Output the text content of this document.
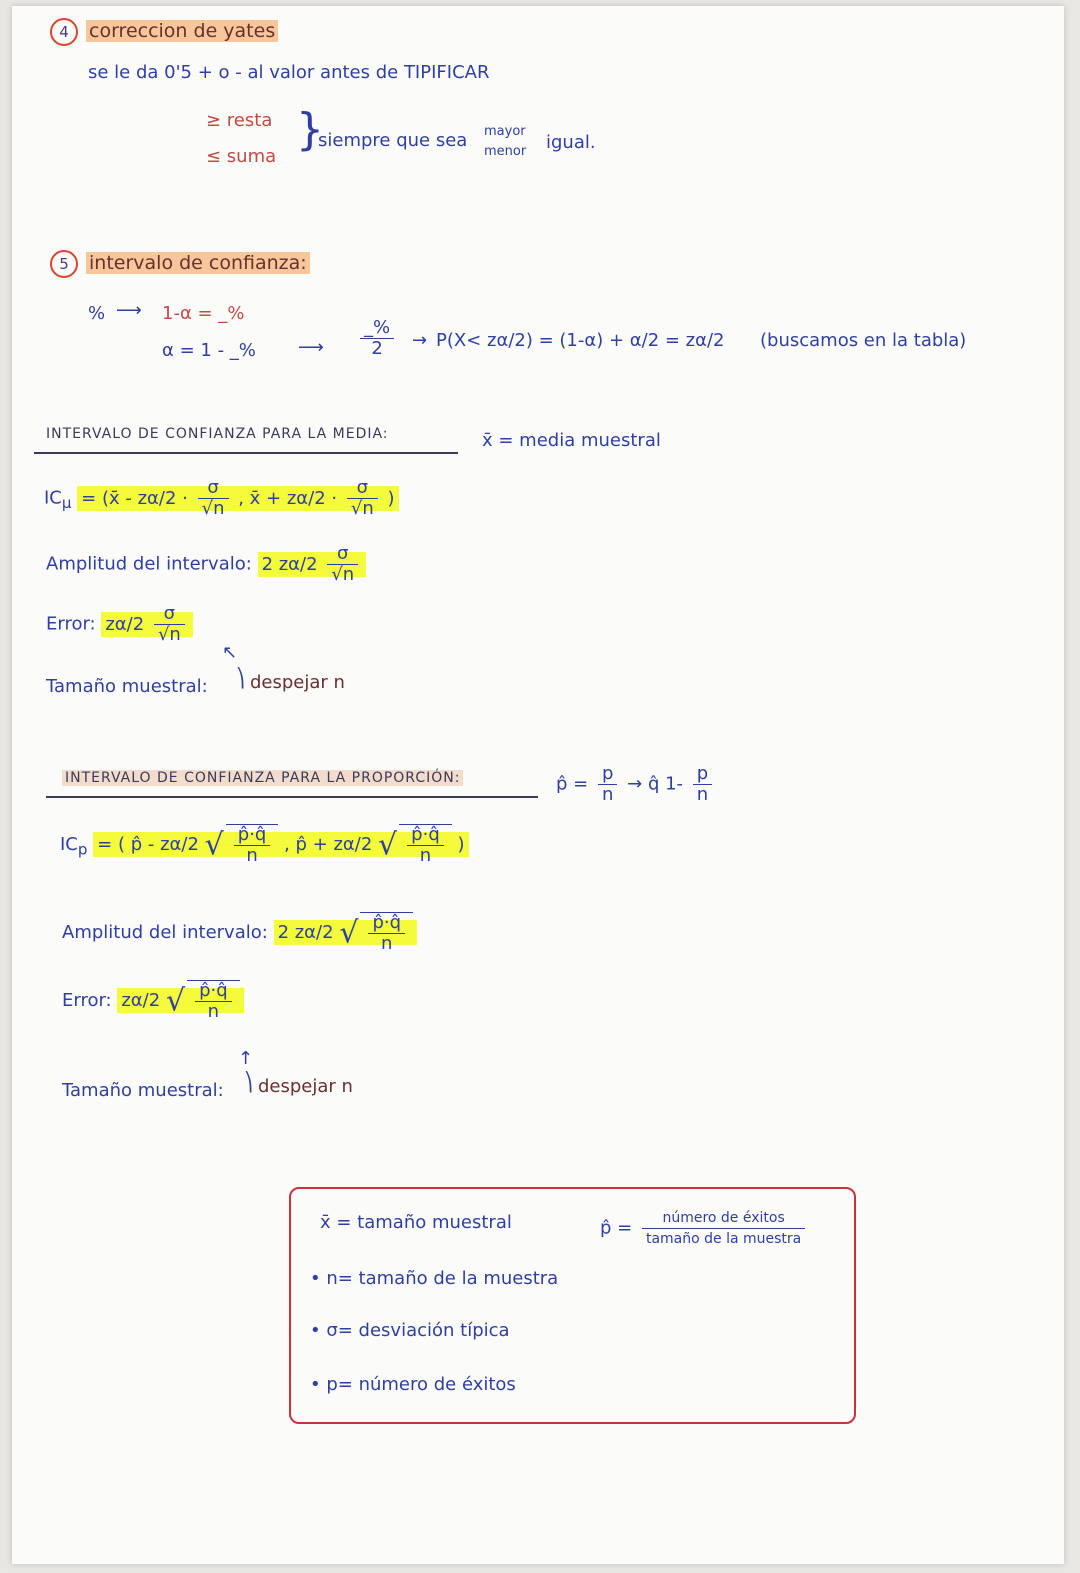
4 correccion de yates
se le da 0'5 + o - al valor antes de TIPIFICAR
≥ resta
≤ suma
}
siempre que sea mayor
menor igual.
5 intervalo de confianza:
% ⟶ 1-α = _%
α = 1 - _% ⟶ $\frac{\_\%}{2} \to P(X< z\alpha/2) = (1-\alpha) + \alpha/2 = z\alpha/2$ (buscamos en la tabla)
INTERVALO DE CONFIANZA PARA LA MEDIA:	x̄ = media muestral
$IC_\mu$ = (x̄ - $z\alpha/2 \cdot \frac{\sigma}{√n}$ , x̄ + $z\alpha/2 \cdot \frac{\sigma}{√n}$ )
Amplitud del intervalo: 2 $z\alpha/2 \frac{\sigma}{√n}$
Error: $z\alpha/2 \frac{\sigma}{√n}$
↖
Tamaño muestral: ⎞ despejar n
INTERVALO DE CONFIANZA PARA LA PROPORCIÓN:	p̂ = $\frac{p}{n}$ → q̂ $1- \frac{p}{n}$
$IC_p$ = ( p̂ - zα/2 √ $\frac{p̂\cdot q̂}{n}$ , p̂ + zα/2 √ $\frac{p̂\cdot q̂}{n}$ )
Amplitud del intervalo: 2 zα/2 √ $\frac{p̂\cdot q̂}{n}$
Error: zα/2 √ $\frac{p̂\cdot q̂}{n}$
↑
Tamaño muestral: ⎞ despejar n
x̄ = tamaño muestral
• n= tamaño de la muestra
• σ= desviación típica
• p= número de éxitos
p̂ = $\frac{\text{número de éxitos}}{\text{tamaño de la muestra}}$
